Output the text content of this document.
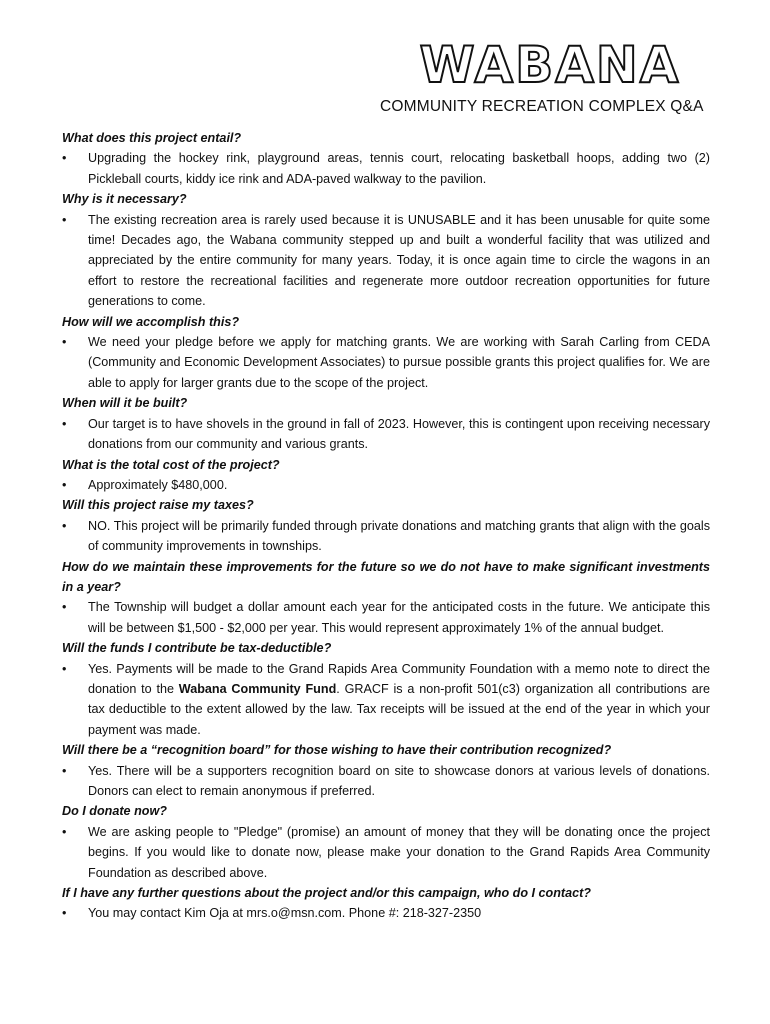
WABANA
COMMUNITY RECREATION COMPLEX Q&A

What does this project entail?

• Upgrading the hockey rink, playground areas, tennis court, relocating basketball hoops, adding two (2) Pickleball courts, kiddy ice rink and ADA-paved walkway to the pavilion.

Why is it necessary?

• The existing recreation area is rarely used because it is UNUSABLE and it has been unusable for quite some time! Decades ago, the Wabana community stepped up and built a wonderful facility that was utilized and appreciated by the entire community for many years. Today, it is once again time to circle the wagons in an effort to restore the recreational facilities and regenerate more outdoor recreation opportunities for future generations to come.

How will we accomplish this?

• We need your pledge before we apply for matching grants. We are working with Sarah Carling from CEDA (Community and Economic Development Associates) to pursue possible grants this project qualifies for. We are able to apply for larger grants due to the scope of the project.

When will it be built?

• Our target is to have shovels in the ground in fall of 2023. However, this is contingent upon receiving necessary donations from our community and various grants.

What is the total cost of the project?

• Approximately $480,000.

Will this project raise my taxes?

• NO. This project will be primarily funded through private donations and matching grants that align with the goals of community improvements in townships.

How do we maintain these improvements for the future so we do not have to make significant investments in a year?

• The Township will budget a dollar amount each year for the anticipated costs in the future. We anticipate this will be between $1,500 - $2,000 per year. This would represent approximately 1% of the annual budget.

Will the funds I contribute be tax-deductible?

• Yes. Payments will be made to the Grand Rapids Area Community Foundation with a memo note to direct the donation to the Wabana Community Fund. GRACF is a non-profit 501(c3) organization all contributions are tax deductible to the extent allowed by the law. Tax receipts will be issued at the end of the year in which your payment was made.

Will there be a “recognition board” for those wishing to have their contribution recognized?

• Yes. There will be a supporters recognition board on site to showcase donors at various levels of donations. Donors can elect to remain anonymous if preferred.

Do I donate now?

• We are asking people to "Pledge" (promise) an amount of money that they will be donating once the project begins. If you would like to donate now, please make your donation to the Grand Rapids Area Community Foundation as described above.

If I have any further questions about the project and/or this campaign, who do I contact?

• You may contact Kim Oja at mrs.o@msn.com. Phone #: 218-327-2350
